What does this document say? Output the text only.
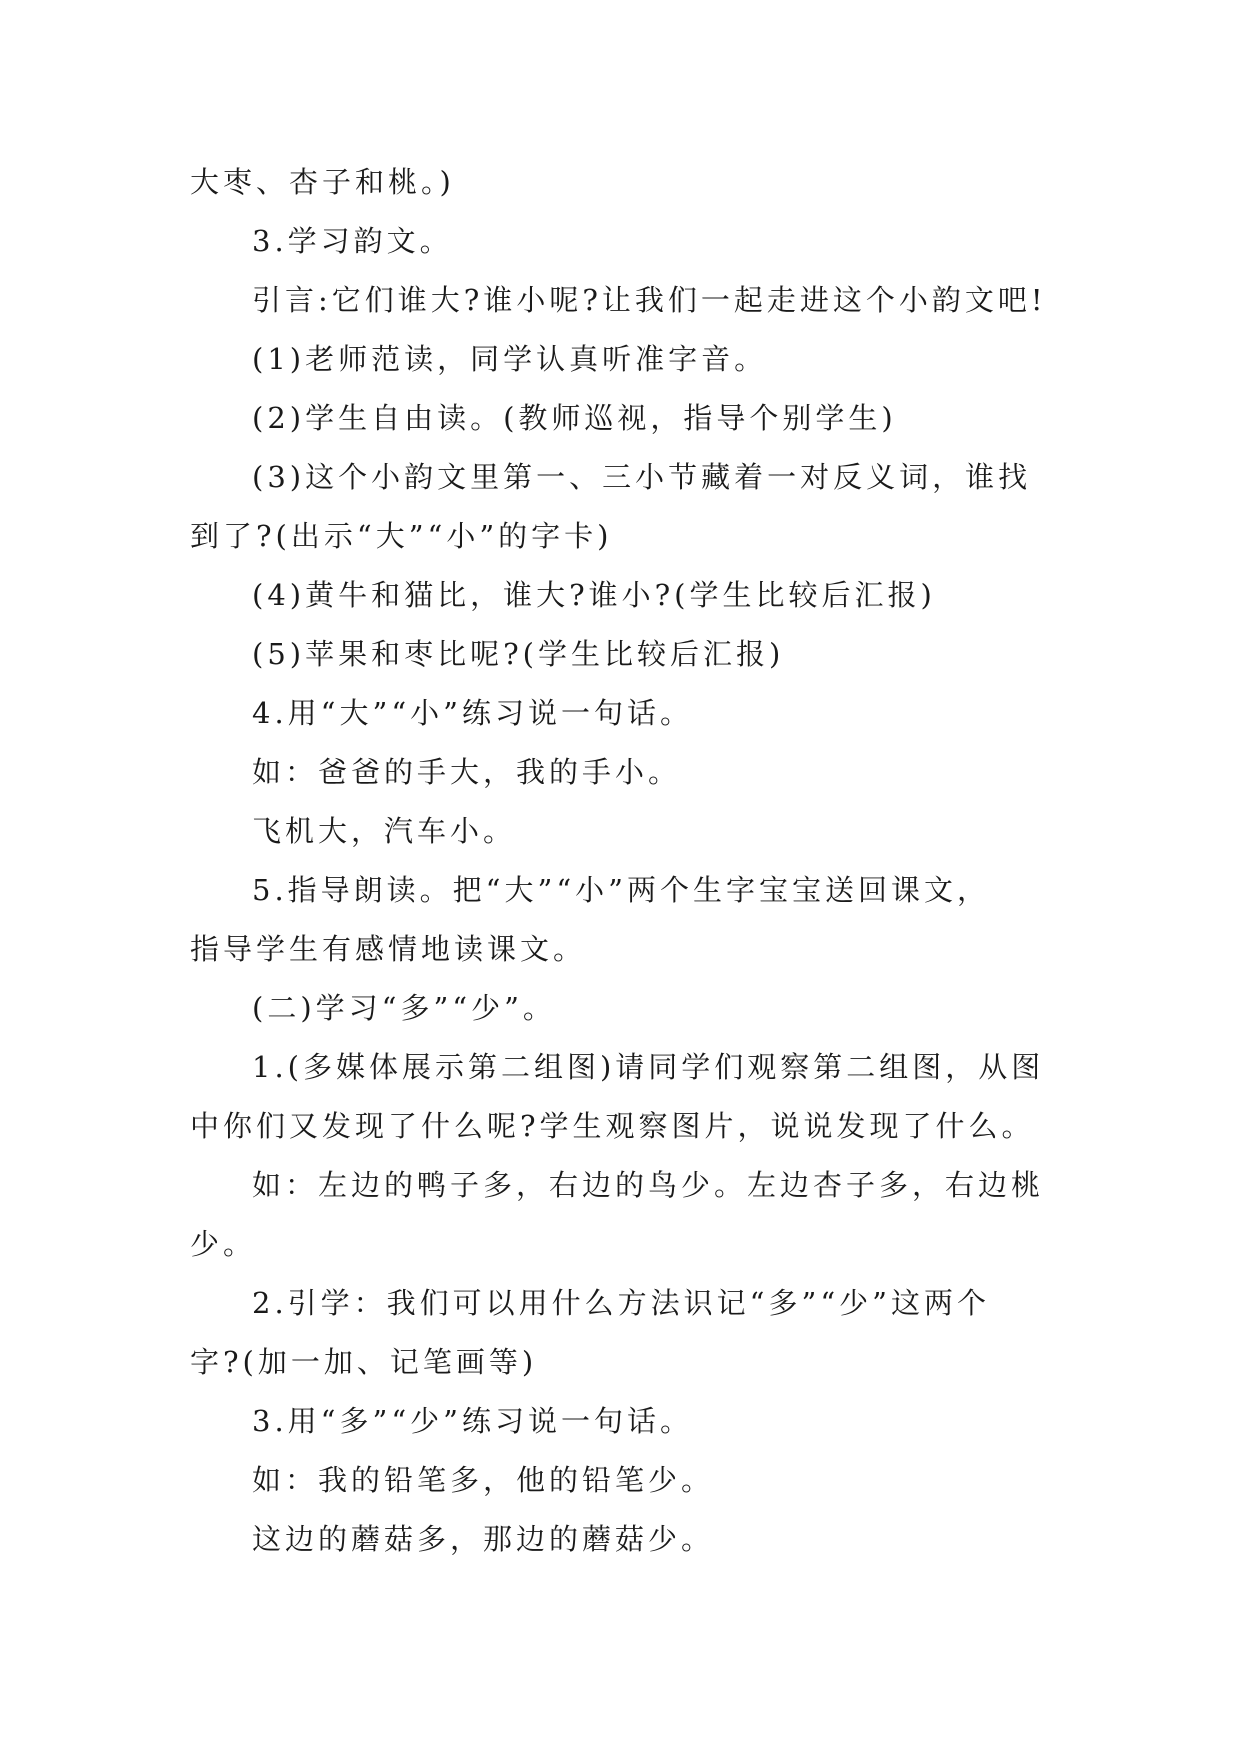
大枣、杏子和桃。)
3.学习韵文。
引言:它们谁大?谁小呢?让我们一起走进这个小韵文吧!
(1)老师范读，同学认真听准字音。
(2)学生自由读。(教师巡视，指导个别学生)
(3)这个小韵文里第一、三小节藏着一对反义词，谁找
到了?(出示“大”“小”的字卡)
(4)黄牛和猫比，谁大?谁小?(学生比较后汇报)
(5)苹果和枣比呢?(学生比较后汇报)
4.用“大”“小”练习说一句话。
如：爸爸的手大，我的手小。
飞机大，汽车小。
5.指导朗读。把“大”“小”两个生字宝宝送回课文，
指导学生有感情地读课文。
(二)学习“多”“少”。
1.(多媒体展示第二组图)请同学们观察第二组图，从图
中你们又发现了什么呢?学生观察图片，说说发现了什么。
如：左边的鸭子多，右边的鸟少。左边杏子多，右边桃
少。
2.引学：我们可以用什么方法识记“多”“少”这两个
字?(加一加、记笔画等)
3.用“多”“少”练习说一句话。
如：我的铅笔多，他的铅笔少。
这边的蘑菇多，那边的蘑菇少。
